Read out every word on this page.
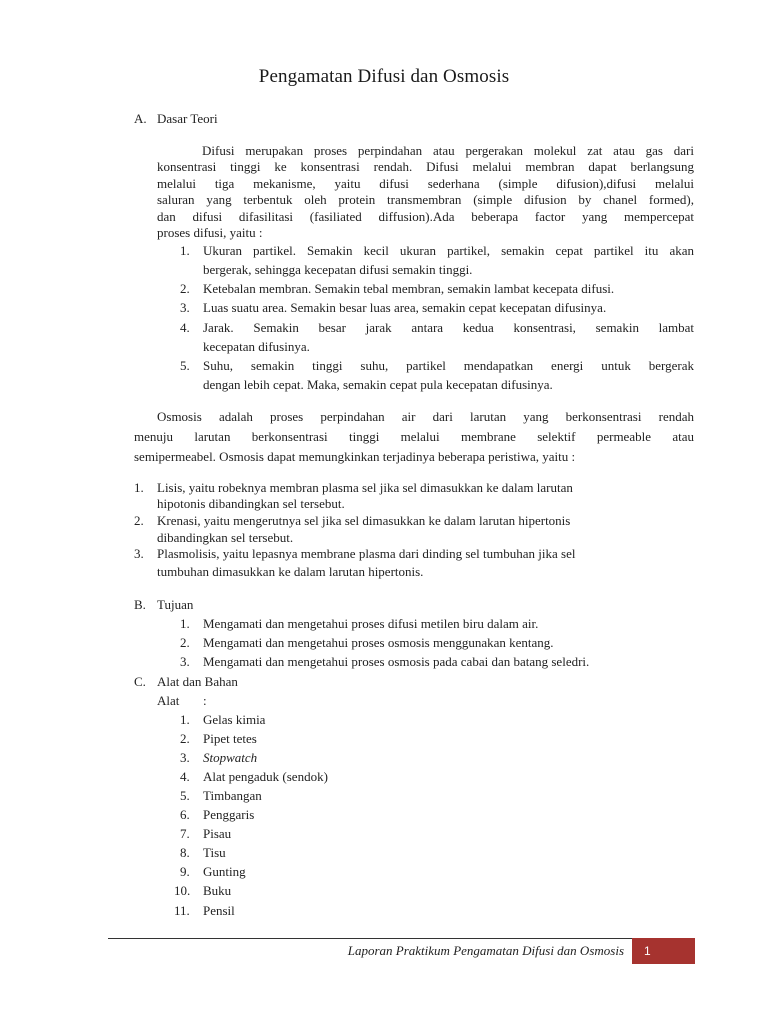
Pengamatan Difusi dan Osmosis
A. Dasar Teori
Difusi merupakan proses perpindahan atau pergerakan molekul zat atau gas dari
konsentrasi tinggi ke konsentrasi rendah. Difusi melalui membran dapat berlangsung
melalui tiga mekanisme, yaitu difusi sederhana (simple difusion),difusi melalui
saluran yang terbentuk oleh protein transmembran (simple difusion by chanel formed),
dan difusi difasilitasi (fasiliated diffusion).Ada beberapa factor yang mempercepat
proses difusi, yaitu :
1. Ukuran partikel. Semakin kecil ukuran partikel, semakin cepat partikel itu akan
bergerak, sehingga kecepatan difusi semakin tinggi.
2. Ketebalan membran. Semakin tebal membran, semakin lambat kecepata difusi.
3. Luas suatu area. Semakin besar luas area, semakin cepat kecepatan difusinya.
4. Jarak. Semakin besar jarak antara kedua konsentrasi, semakin lambat
kecepatan difusinya.
5. Suhu, semakin tinggi suhu, partikel mendapatkan energi untuk bergerak
dengan lebih cepat. Maka, semakin cepat pula kecepatan difusinya.
Osmosis adalah proses perpindahan air dari larutan yang berkonsentrasi rendah
menuju larutan berkonsentrasi tinggi melalui membrane selektif permeable atau
semipermeabel. Osmosis dapat memungkinkan terjadinya beberapa peristiwa, yaitu :
1. Lisis, yaitu robeknya membran plasma sel jika sel dimasukkan ke dalam larutan
hipotonis dibandingkan sel tersebut.
2. Krenasi, yaitu mengerutnya sel jika sel dimasukkan ke dalam larutan hipertonis
dibandingkan sel tersebut.
3. Plasmolisis, yaitu lepasnya membrane plasma dari dinding sel tumbuhan jika sel
tumbuhan dimasukkan ke dalam larutan hipertonis.
B. Tujuan
1. Mengamati dan mengetahui proses difusi metilen biru dalam air.
2. Mengamati dan mengetahui proses osmosis menggunakan kentang.
3. Mengamati dan mengetahui proses osmosis pada cabai dan batang seledri.
C. Alat dan Bahan
Alat :
1. Gelas kimia
2. Pipet tetes
3. Stopwatch
4. Alat pengaduk (sendok)
5. Timbangan
6. Penggaris
7. Pisau
8. Tisu
9. Gunting
10. Buku
11. Pensil
Laporan Praktikum Pengamatan Difusi dan Osmosis 1
